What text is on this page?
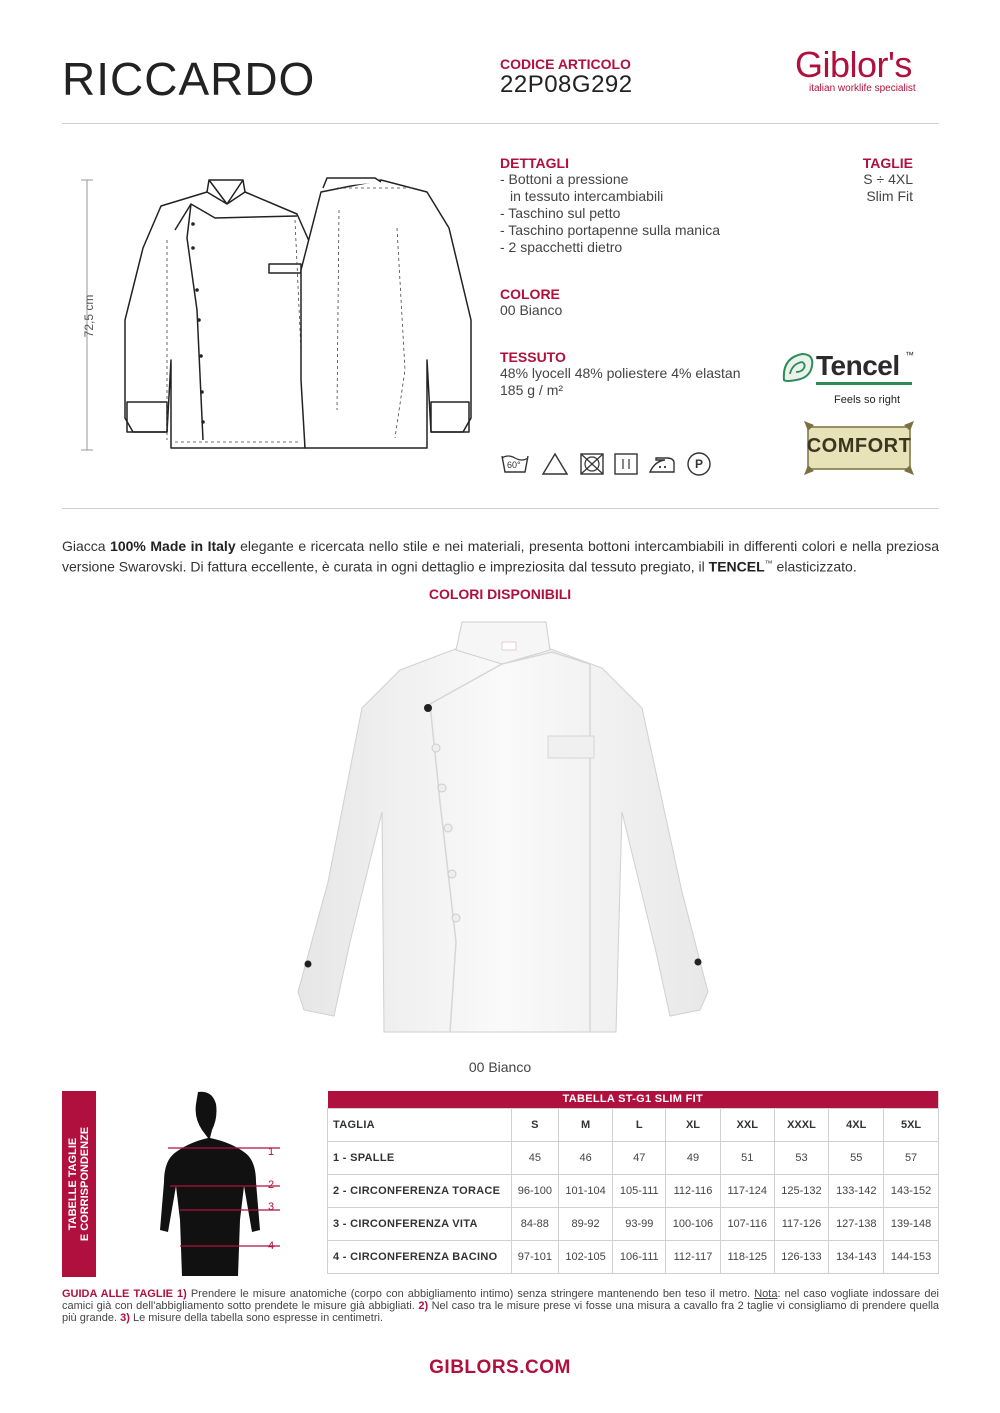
RICCARDO	CODICE ARTICOLO
22P08G292	Giblor's
italian worklife specialist
72,5 cm
DETTAGLI
- Bottoni a pressione
in tessuto intercambiabili
- Taschino sul petto
- Taschino portapenne sulla manica
- 2 spacchetti dietro
TAGLIE
S ÷ 4XL
Slim Fit
COLORE
00 Bianco
TESSUTO
48% lyocell 48% poliestere 4% elastan
185 g / m²
60°	P
Tencel ™
Feels so right
COMFORT
Giacca 100% Made in Italy elegante e ricercata nello stile e nei materiali, presenta bottoni intercambiabili in differenti colori e nella preziosa versione Swarovski. Di fattura eccellente, è curata in ogni dettaglio e impreziosita dal tessuto pregiato, il TENCEL™ elasticizzato.
COLORI DISPONIBILI
00 Bianco
TABELLE TAGLIE E CORRISPONDENZE	1
2
3
4
TABELLA ST-G1 SLIM FIT								
TAGLIA	S	M	L	XL	XXL	XXXL	4XL	5XL
1 - SPALLE	45	46	47	49	51	53	55	57
2 - CIRCONFERENZA TORACE	96-100	101-104	105-111	112-116	117-124	125-132	133-142	143-152
3 - CIRCONFERENZA VITA	84-88	89-92	93-99	100-106	107-116	117-126	127-138	139-148
4 - CIRCONFERENZA BACINO	97-101	102-105	106-111	112-117	118-125	126-133	134-143	144-153
GUIDA ALLE TAGLIE 1) Prendere le misure anatomiche (corpo con abbigliamento intimo) senza stringere mantenendo ben teso il metro. Nota: nel caso vogliate indossare dei camici già con dell'abbigliamento sotto prendete le misure già abbigliati. 2) Nel caso tra le misure prese vi fosse una misura a cavallo fra 2 taglie vi consigliamo di prendere quella più grande. 3) Le misure della tabella sono espresse in centimetri.
GIBLORS.COM
